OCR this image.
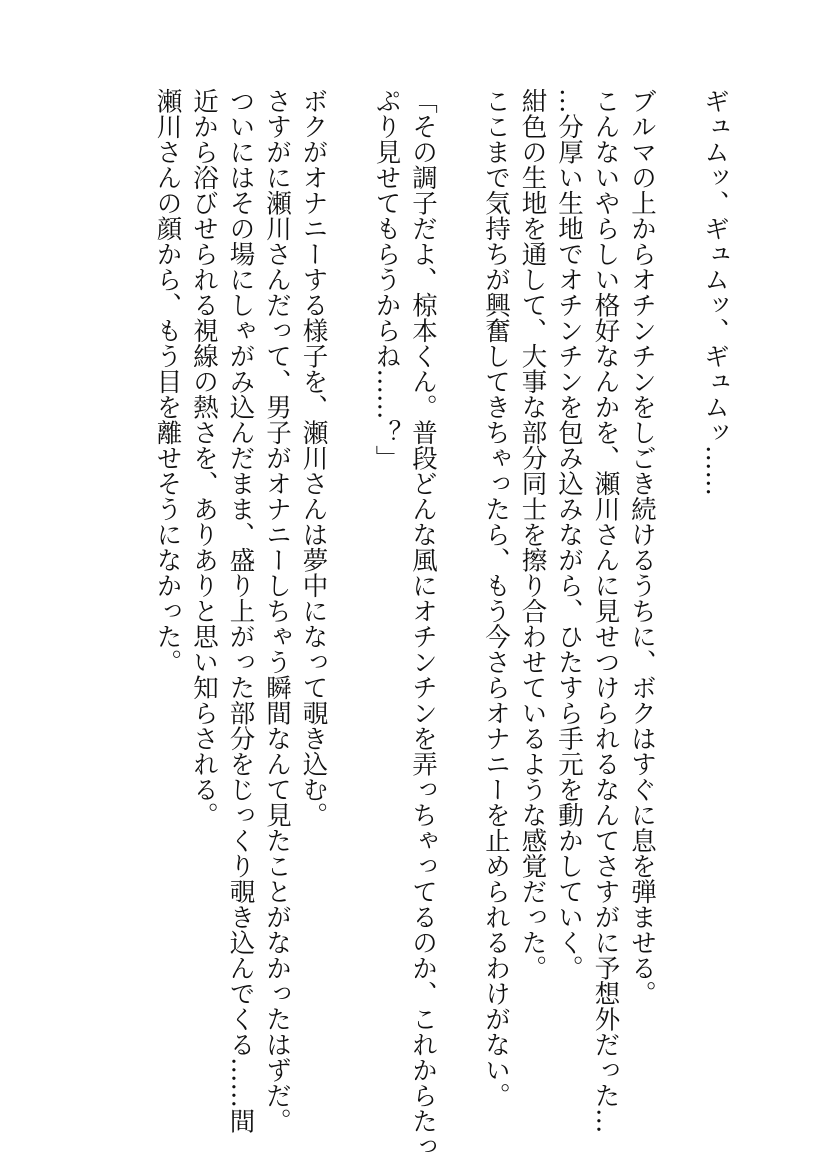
ギュムッ、ギュムッ、ギュムッ……
ブルマの上からオチンチンをしごき続けるうちに、ボクはすぐに息を弾ませる。
こんないやらしい格好なんかを、瀬川さんに見せつけられるなんてさすがに予想外だった…
…分厚い生地でオチンチンを包み込みながら、ひたすら手元を動かしていく。
紺色の生地を通して、大事な部分同士を擦り合わせているような感覚だった。
ここまで気持ちが興奮してきちゃったら、もう今さらオナニーを止められるわけがない。
「その調子だよ、椋本くん。普段どんな風にオチンチンを弄っちゃってるのか、これからたっ
ぷり見せてもらうからね……？」
ボクがオナニーする様子を、瀬川さんは夢中になって覗き込む。
さすがに瀬川さんだって、男子がオナニーしちゃう瞬間なんて見たことがなかったはずだ。
ついにはその場にしゃがみ込んだまま、盛り上がった部分をじっくり覗き込んでくる……間
近から浴びせられる視線の熱さを、ありありと思い知らされる。
瀬川さんの顔から、もう目を離せそうになかった。
